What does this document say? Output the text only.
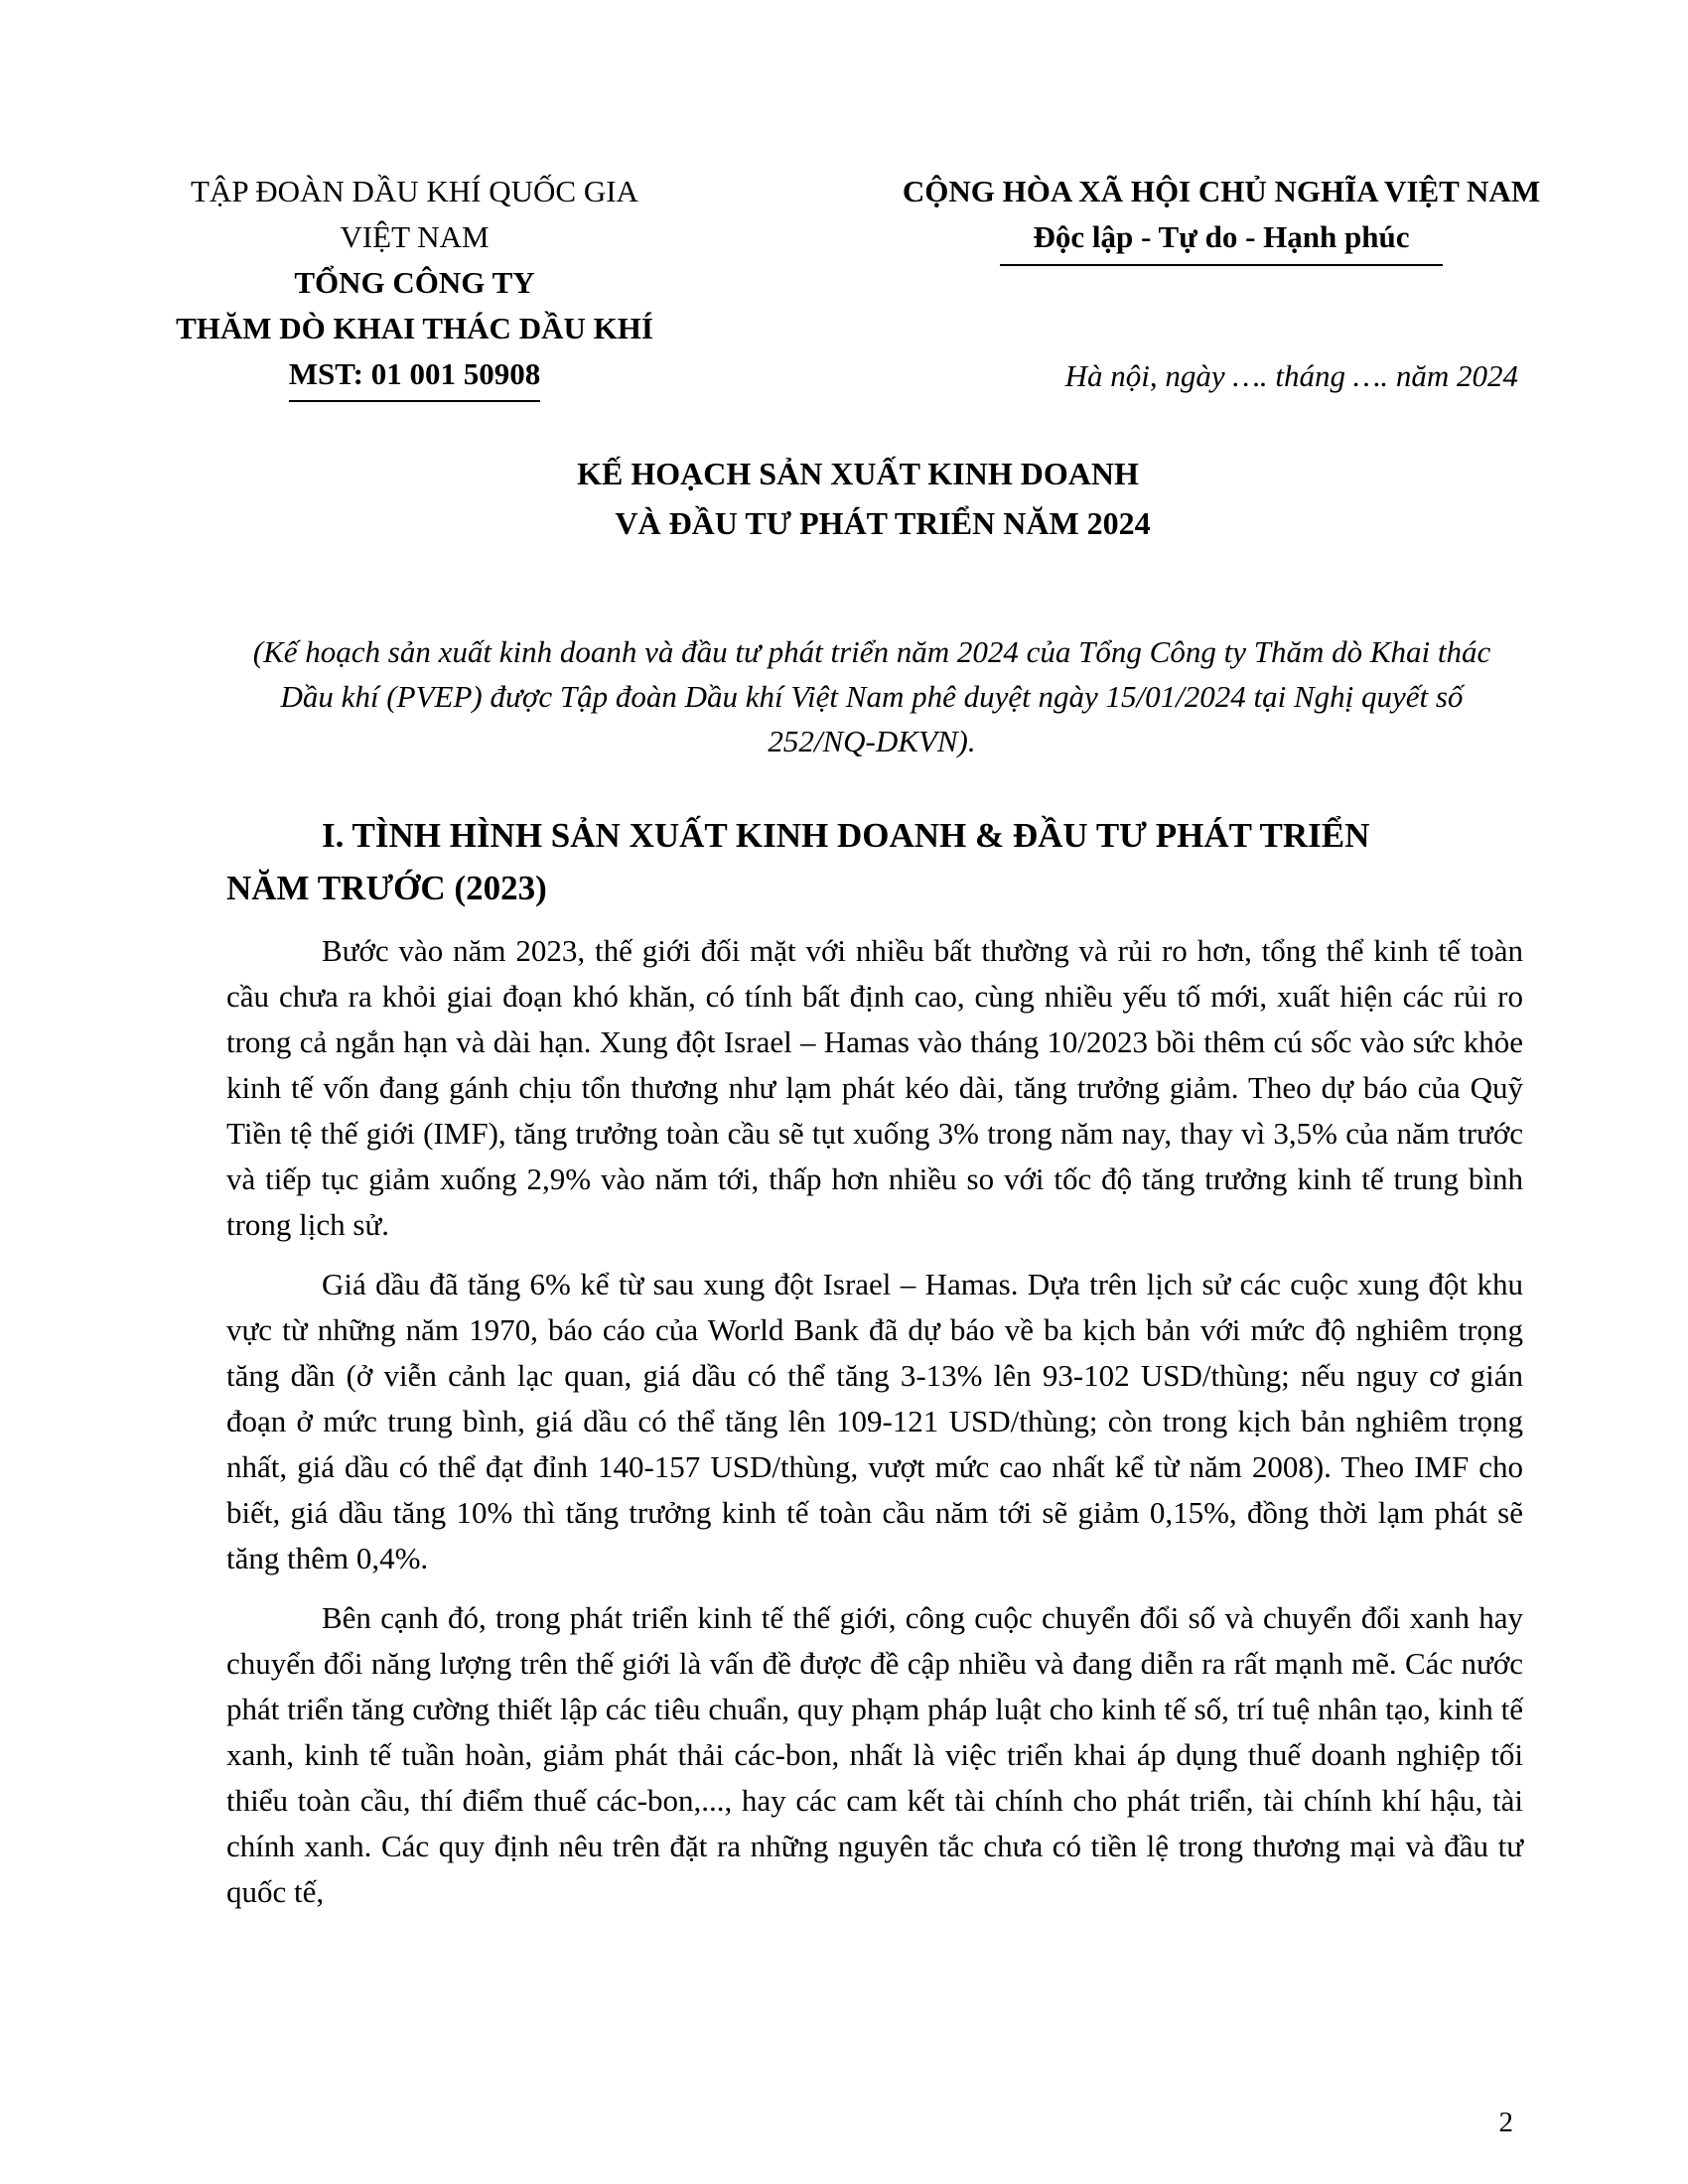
TẬP ĐOÀN DẦU KHÍ QUỐC GIA VIỆT NAM
TỔNG CÔNG TY
THĂM DÒ KHAI THÁC DẦU KHÍ
MST: 01 001 50908
CỘNG HÒA XÃ HỘI CHỦ NGHĨA VIỆT NAM
Độc lập - Tự do - Hạnh phúc
Hà nội, ngày …. tháng …. năm 2024
KẾ HOẠCH SẢN XUẤT KINH DOANH
VÀ ĐẦU TƯ PHÁT TRIỂN NĂM 2024
(Kế hoạch sản xuất kinh doanh và đầu tư phát triển năm 2024 của Tổng Công ty Thăm dò Khai thác Dầu khí (PVEP) được Tập đoàn Dầu khí Việt Nam phê duyệt ngày 15/01/2024 tại Nghị quyết số 252/NQ-DKVN).
I. TÌNH HÌNH SẢN XUẤT KINH DOANH & ĐẦU TƯ PHÁT TRIỂN
NĂM TRƯỚC (2023)

Bước vào năm 2023, thế giới đối mặt với nhiều bất thường và rủi ro hơn, tổng thể kinh tế toàn cầu chưa ra khỏi giai đoạn khó khăn, có tính bất định cao, cùng nhiều yếu tố mới, xuất hiện các rủi ro trong cả ngắn hạn và dài hạn. Xung đột Israel – Hamas vào tháng 10/2023 bồi thêm cú sốc vào sức khỏe kinh tế vốn đang gánh chịu tổn thương như lạm phát kéo dài, tăng trưởng giảm. Theo dự báo của Quỹ Tiền tệ thế giới (IMF), tăng trưởng toàn cầu sẽ tụt xuống 3% trong năm nay, thay vì 3,5% của năm trước và tiếp tục giảm xuống 2,9% vào năm tới, thấp hơn nhiều so với tốc độ tăng trưởng kinh tế trung bình trong lịch sử.

Giá dầu đã tăng 6% kể từ sau xung đột Israel – Hamas. Dựa trên lịch sử các cuộc xung đột khu vực từ những năm 1970, báo cáo của World Bank đã dự báo về ba kịch bản với mức độ nghiêm trọng tăng dần (ở viễn cảnh lạc quan, giá dầu có thể tăng 3-13% lên 93-102 USD/thùng; nếu nguy cơ gián đoạn ở mức trung bình, giá dầu có thể tăng lên 109-121 USD/thùng; còn trong kịch bản nghiêm trọng nhất, giá dầu có thể đạt đỉnh 140-157 USD/thùng, vượt mức cao nhất kể từ năm 2008). Theo IMF cho biết, giá dầu tăng 10% thì tăng trưởng kinh tế toàn cầu năm tới sẽ giảm 0,15%, đồng thời lạm phát sẽ tăng thêm 0,4%.

Bên cạnh đó, trong phát triển kinh tế thế giới, công cuộc chuyển đổi số và chuyển đổi xanh hay chuyển đổi năng lượng trên thế giới là vấn đề được đề cập nhiều và đang diễn ra rất mạnh mẽ. Các nước phát triển tăng cường thiết lập các tiêu chuẩn, quy phạm pháp luật cho kinh tế số, trí tuệ nhân tạo, kinh tế xanh, kinh tế tuần hoàn, giảm phát thải các-bon, nhất là việc triển khai áp dụng thuế doanh nghiệp tối thiểu toàn cầu, thí điểm thuế các-bon,..., hay các cam kết tài chính cho phát triển, tài chính khí hậu, tài chính xanh. Các quy định nêu trên đặt ra những nguyên tắc chưa có tiền lệ trong thương mại và đầu tư quốc tế,

2
